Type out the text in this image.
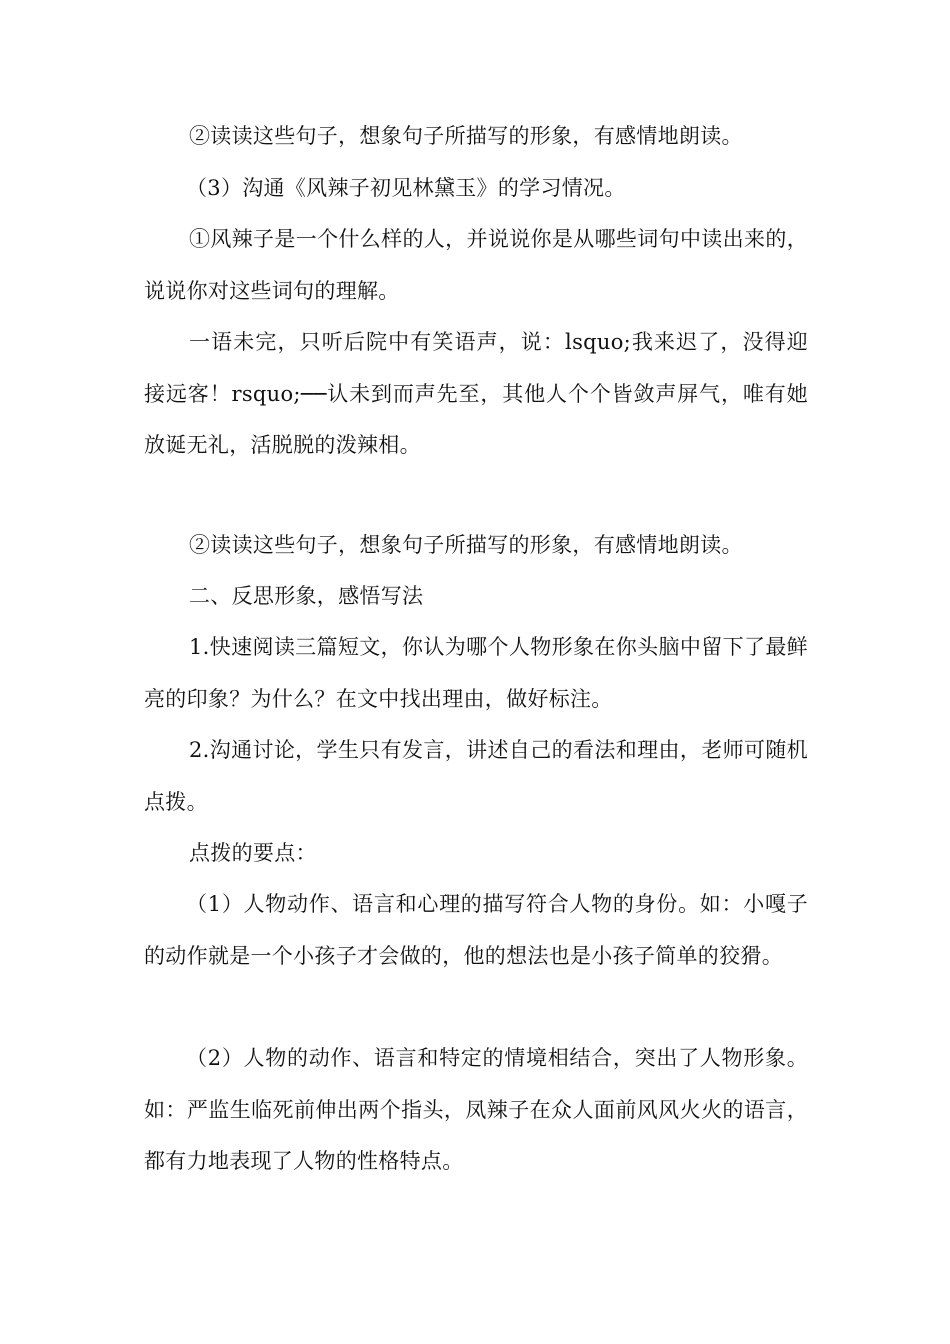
②读读这些句子，想象句子所描写的形象，有感情地朗读。

（3）沟通《风辣子初见林黛玉》的学习情况。

①风辣子是一个什么样的人，并说说你是从哪些词句中读出来的，说说你对这些词句的理解。

一语未完，只听后院中有笑语声，说：lsquo;我来迟了，没得迎接远客！rsquo;──认未到而声先至，其他人个个皆敛声屏气，唯有她放诞无礼，活脱脱的泼辣相。

②读读这些句子，想象句子所描写的形象，有感情地朗读。

二、反思形象，感悟写法

1.快速阅读三篇短文，你认为哪个人物形象在你头脑中留下了最鲜亮的印象？为什么？在文中找出理由，做好标注。

2.沟通讨论，学生只有发言，讲述自己的看法和理由，老师可随机点拨。

点拨的要点：

（1）人物动作、语言和心理的描写符合人物的身份。如：小嘎子的动作就是一个小孩子才会做的，他的想法也是小孩子简单的狡猾。

（2）人物的动作、语言和特定的情境相结合，突出了人物形象。如：严监生临死前伸出两个指头，凤辣子在众人面前风风火火的语言，都有力地表现了人物的性格特点。
